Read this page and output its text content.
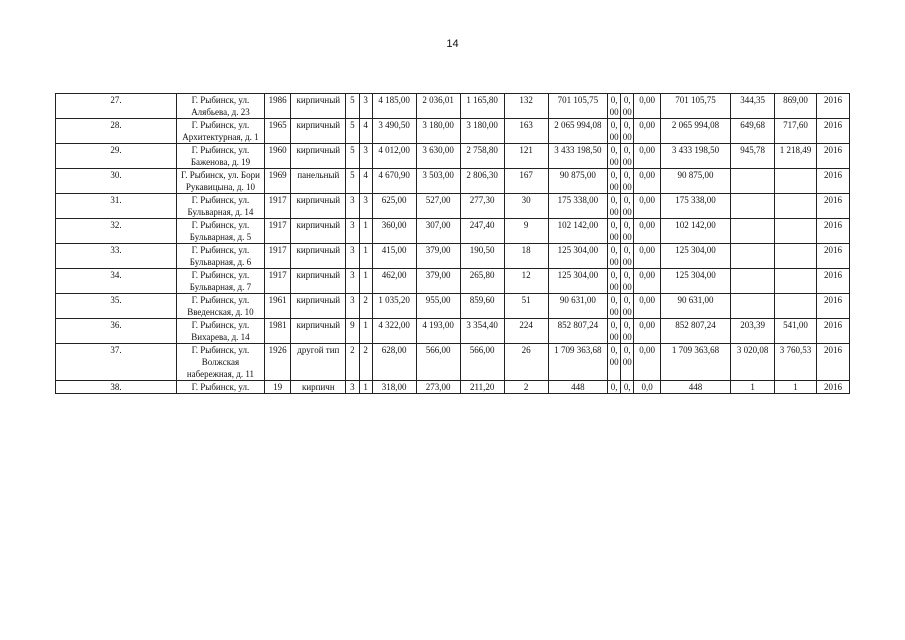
14
27.	Г. Рыбинск, ул. Алябьева, д. 23	1986	кирпичный	5	3	4 185,00	2 036,01	1 165,80	132	701 105,75	0,00	0,00	0,00	701 105,75	344,35	869,00	2016
28.	Г. Рыбинск, ул. Архитектурная, д. 1	1965	кирпичный	5	4	3 490,50	3 180,00	3 180,00	163	2 065 994,08	0,00	0,00	0,00	2 065 994,08	649,68	717,60	2016
29.	Г. Рыбинск, ул. Баженова, д. 19	1960	кирпичный	5	3	4 012,00	3 630,00	2 758,80	121	3 433 198,50	0,00	0,00	0,00	3 433 198,50	945,78	1 218,49	2016
30.	Г. Рыбинск, ул. Бори Рукавицына, д. 10	1969	панельный	5	4	4 670,90	3 503,00	2 806,30	167	90 875,00	0,00	0,00	0,00	90 875,00			2016
31.	Г. Рыбинск, ул. Бульварная, д. 14	1917	кирпичный	3	3	625,00	527,00	277,30	30	175 338,00	0,00	0,00	0,00	175 338,00			2016
32.	Г. Рыбинск, ул. Бульварная, д. 5	1917	кирпичный	3	1	360,00	307,00	247,40	9	102 142,00	0,00	0,00	0,00	102 142,00			2016
33.	Г. Рыбинск, ул. Бульварная, д. 6	1917	кирпичный	3	1	415,00	379,00	190,50	18	125 304,00	0,00	0,00	0,00	125 304,00			2016
34.	Г. Рыбинск, ул. Бульварная, д. 7	1917	кирпичный	3	1	462,00	379,00	265,80	12	125 304,00	0,00	0,00	0,00	125 304,00			2016
35.	Г. Рыбинск, ул. Введенская, д. 10	1961	кирпичный	3	2	1 035,20	955,00	859,60	51	90 631,00	0,00	0,00	0,00	90 631,00			2016
36.	Г. Рыбинск, ул. Вихарева, д. 14	1981	кирпичный	9	1	4 322,00	4 193,00	3 354,40	224	852 807,24	0,00	0,00	0,00	852 807,24	203,39	541,00	2016
37.	Г. Рыбинск, ул. Волжская набережная, д. 11	1926	другой тип	2	2	628,00	566,00	566,00	26	1 709 363,68	0,00	0,00	0,00	1 709 363,68	3 020,08	3 760,53	2016
38.	Г. Рыбинск, ул.	19	кирпичн	3	1	318,00	273,00	211,20	2	448	0,	0,	0,0	448	1	1	2016
